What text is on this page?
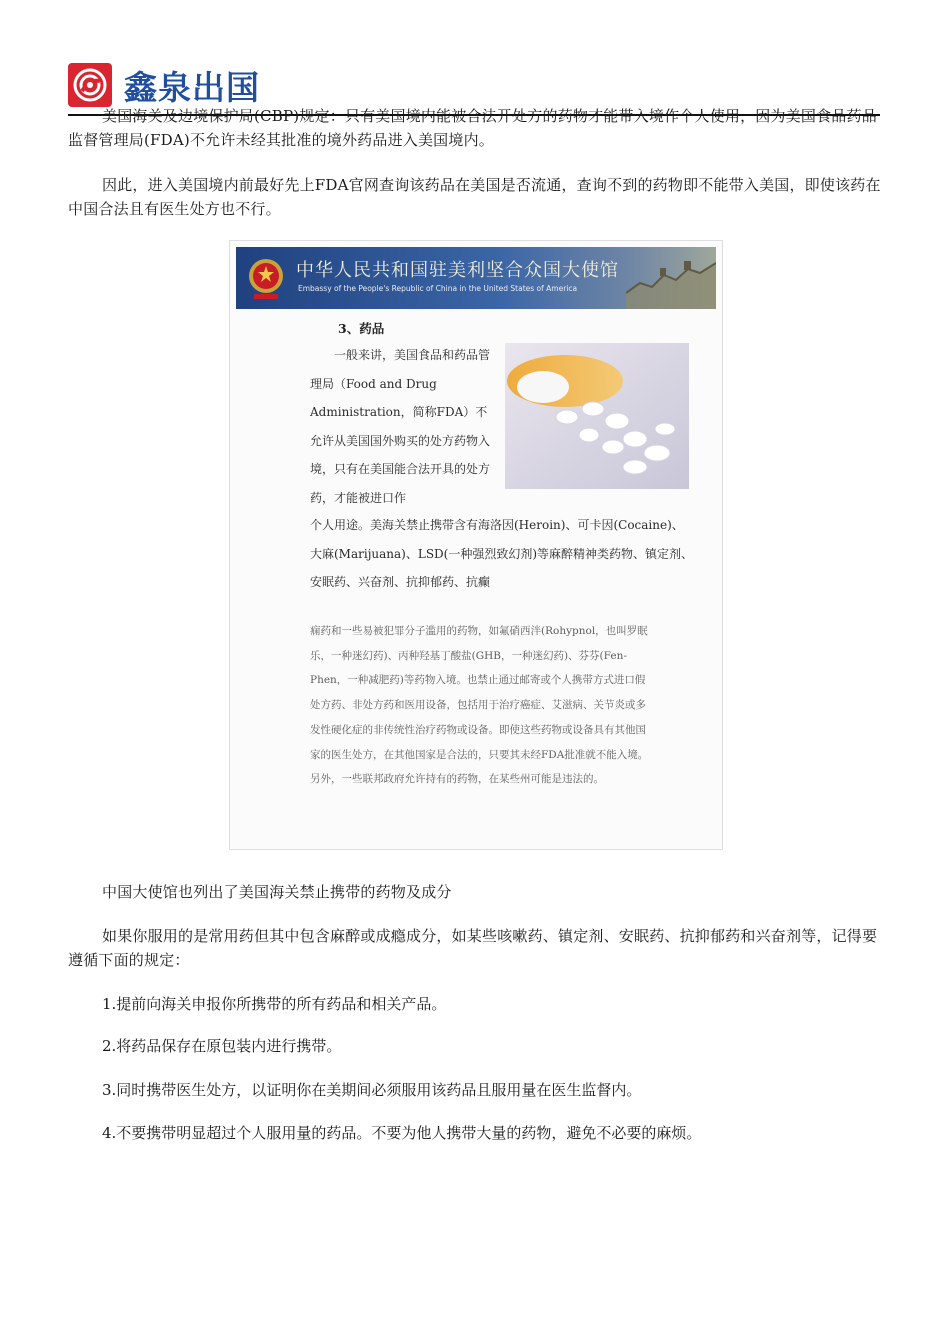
鑫泉出国

美国海关及边境保护局(CBP)规定：只有美国境内能被合法开处方的药物才能带入境作个人使用，因为美国食品药品监督管理局(FDA)不允许未经其批准的境外药品进入美国境内。

因此，进入美国境内前最好先上FDA官网查询该药品在美国是否流通，查询不到的药物即不能带入美国，即使该药在中国合法且有医生处方也不行。

中华人民共和国驻美利坚合众国大使馆
Embassy of the People's Republic of China in the United States of America
3、药品

一般来讲，美国食品和药品管理局（Food and Drug Administration，简称FDA）不允许从美国国外购买的处方药物入境，只有在美国能合法开具的处方药，才能被进口作

个人用途。美海关禁止携带含有海洛因(Heroin)、可卡因(Cocaine)、大麻(Marijuana)、LSD(一种强烈致幻剂)等麻醉精神类药物、镇定剂、安眠药、兴奋剂、抗抑郁药、抗癫

痫药和一些易被犯罪分子滥用的药物，如氟硝西泮(Rohypnol，也叫罗眠乐，一种迷幻药)、丙种羟基丁酸盐(GHB，一种迷幻药)、芬芬(Fen-Phen，一种减肥药)等药物入境。也禁止通过邮寄或个人携带方式进口假处方药、非处方药和医用设备，包括用于治疗癌症、艾滋病、关节炎或多发性硬化症的非传统性治疗药物或设备。即使这些药物或设备具有其他国家的医生处方，在其他国家是合法的，只要其未经FDA批准就不能入境。另外，一些联邦政府允许持有的药物，在某些州可能是违法的。

中国大使馆也列出了美国海关禁止携带的药物及成分

如果你服用的是常用药但其中包含麻醉或成瘾成分，如某些咳嗽药、镇定剂、安眠药、抗抑郁药和兴奋剂等，记得要遵循下面的规定：

1.提前向海关申报你所携带的所有药品和相关产品。

2.将药品保存在原包装内进行携带。

3.同时携带医生处方，以证明你在美期间必须服用该药品且服用量在医生监督内。

4.不要携带明显超过个人服用量的药品。不要为他人携带大量的药物，避免不必要的麻烦。
